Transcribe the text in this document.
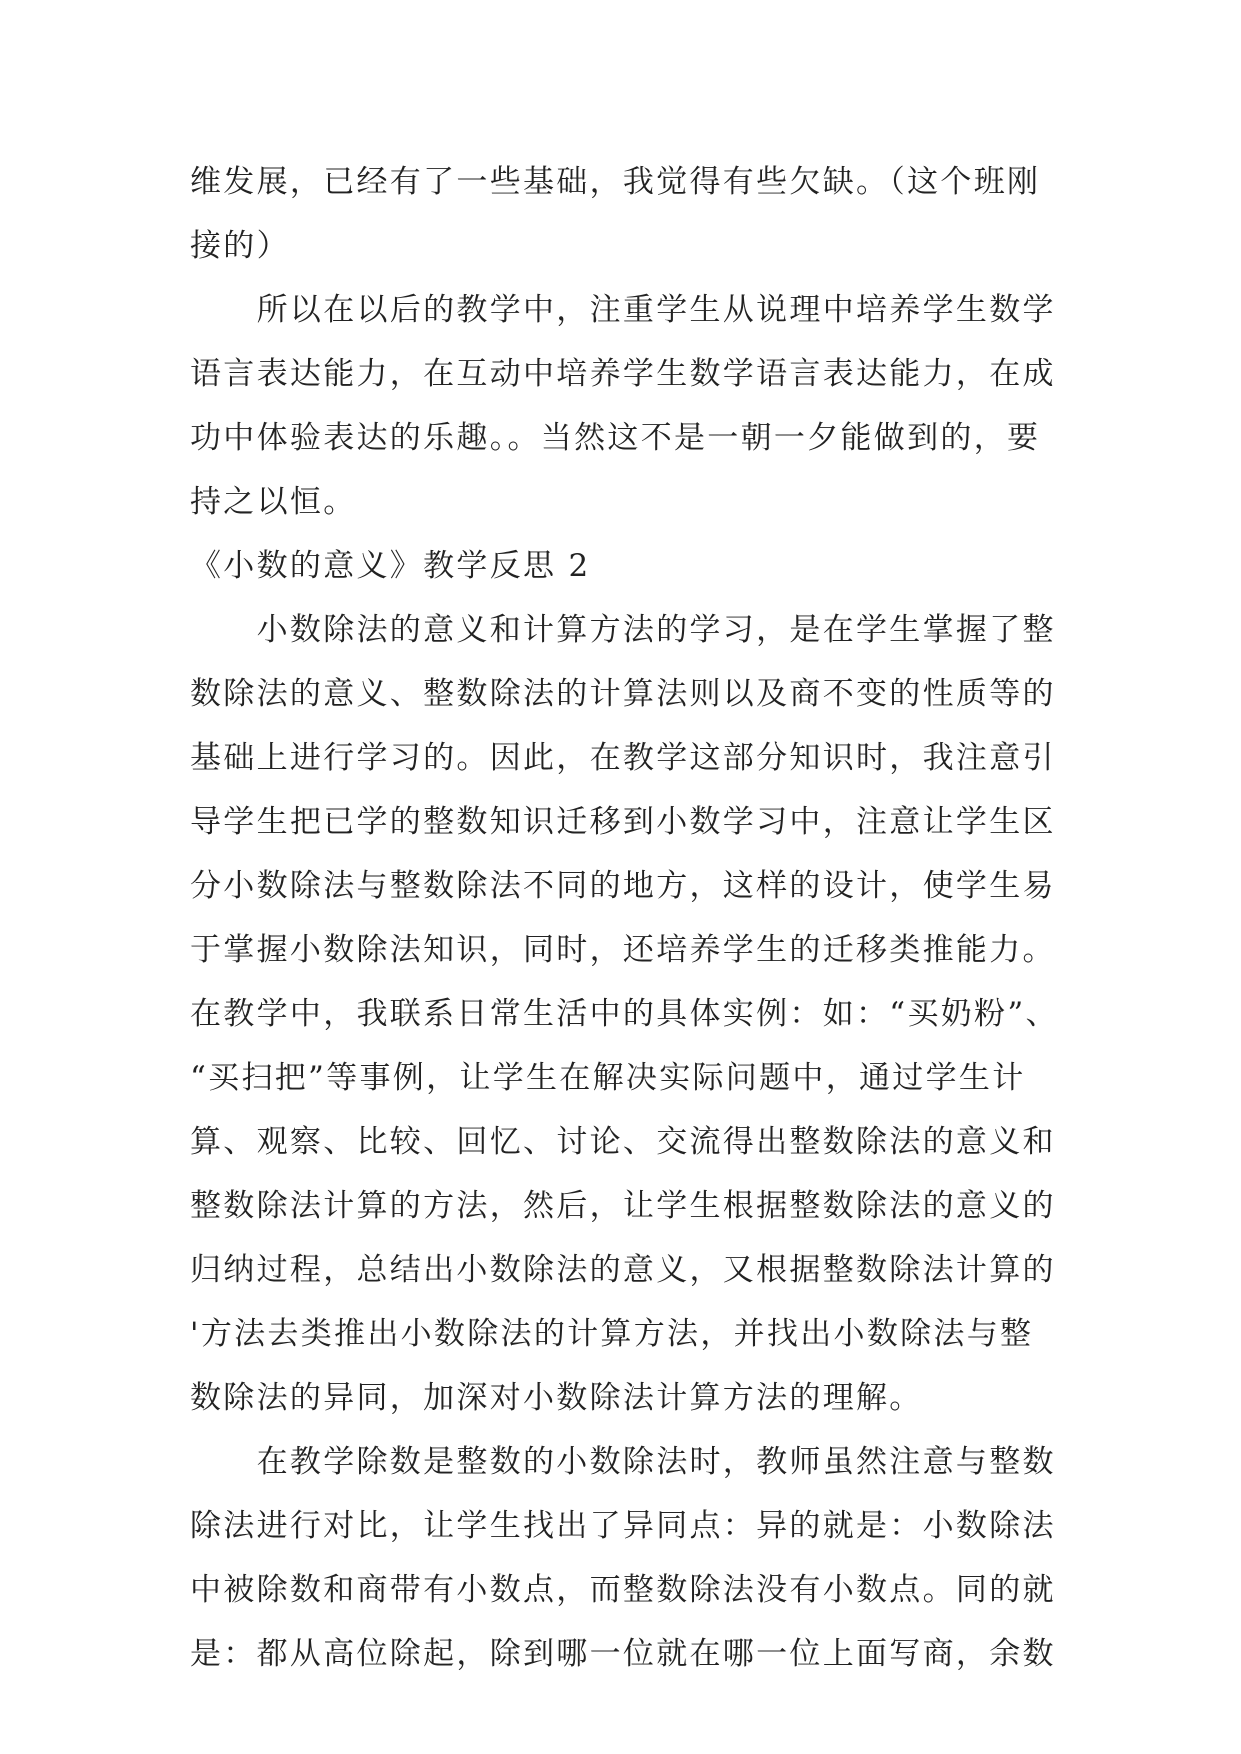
维发展，已经有了一些基础，我觉得有些欠缺。（这个班刚
接的）
　　所以在以后的教学中，注重学生从说理中培养学生数学
语言表达能力，在互动中培养学生数学语言表达能力，在成
功中体验表达的乐趣。。当然这不是一朝一夕能做到的，要
持之以恒。
《小数的意义》教学反思 2
　　小数除法的意义和计算方法的学习，是在学生掌握了整
数除法的意义、整数除法的计算法则以及商不变的性质等的
基础上进行学习的。因此，在教学这部分知识时，我注意引
导学生把已学的整数知识迁移到小数学习中，注意让学生区
分小数除法与整数除法不同的地方，这样的设计，使学生易
于掌握小数除法知识，同时，还培养学生的迁移类推能力。
在教学中，我联系日常生活中的具体实例：如：“买奶粉”、
“买扫把”等事例，让学生在解决实际问题中，通过学生计
算、观察、比较、回忆、讨论、交流得出整数除法的意义和
整数除法计算的方法，然后，让学生根据整数除法的意义的
归纳过程，总结出小数除法的意义，又根据整数除法计算的
'方法去类推出小数除法的计算方法，并找出小数除法与整
数除法的异同，加深对小数除法计算方法的理解。
　　在教学除数是整数的小数除法时，教师虽然注意与整数
除法进行对比，让学生找出了异同点：异的就是：小数除法
中被除数和商带有小数点，而整数除法没有小数点。同的就
是：都从高位除起，除到哪一位就在哪一位上面写商，余数
